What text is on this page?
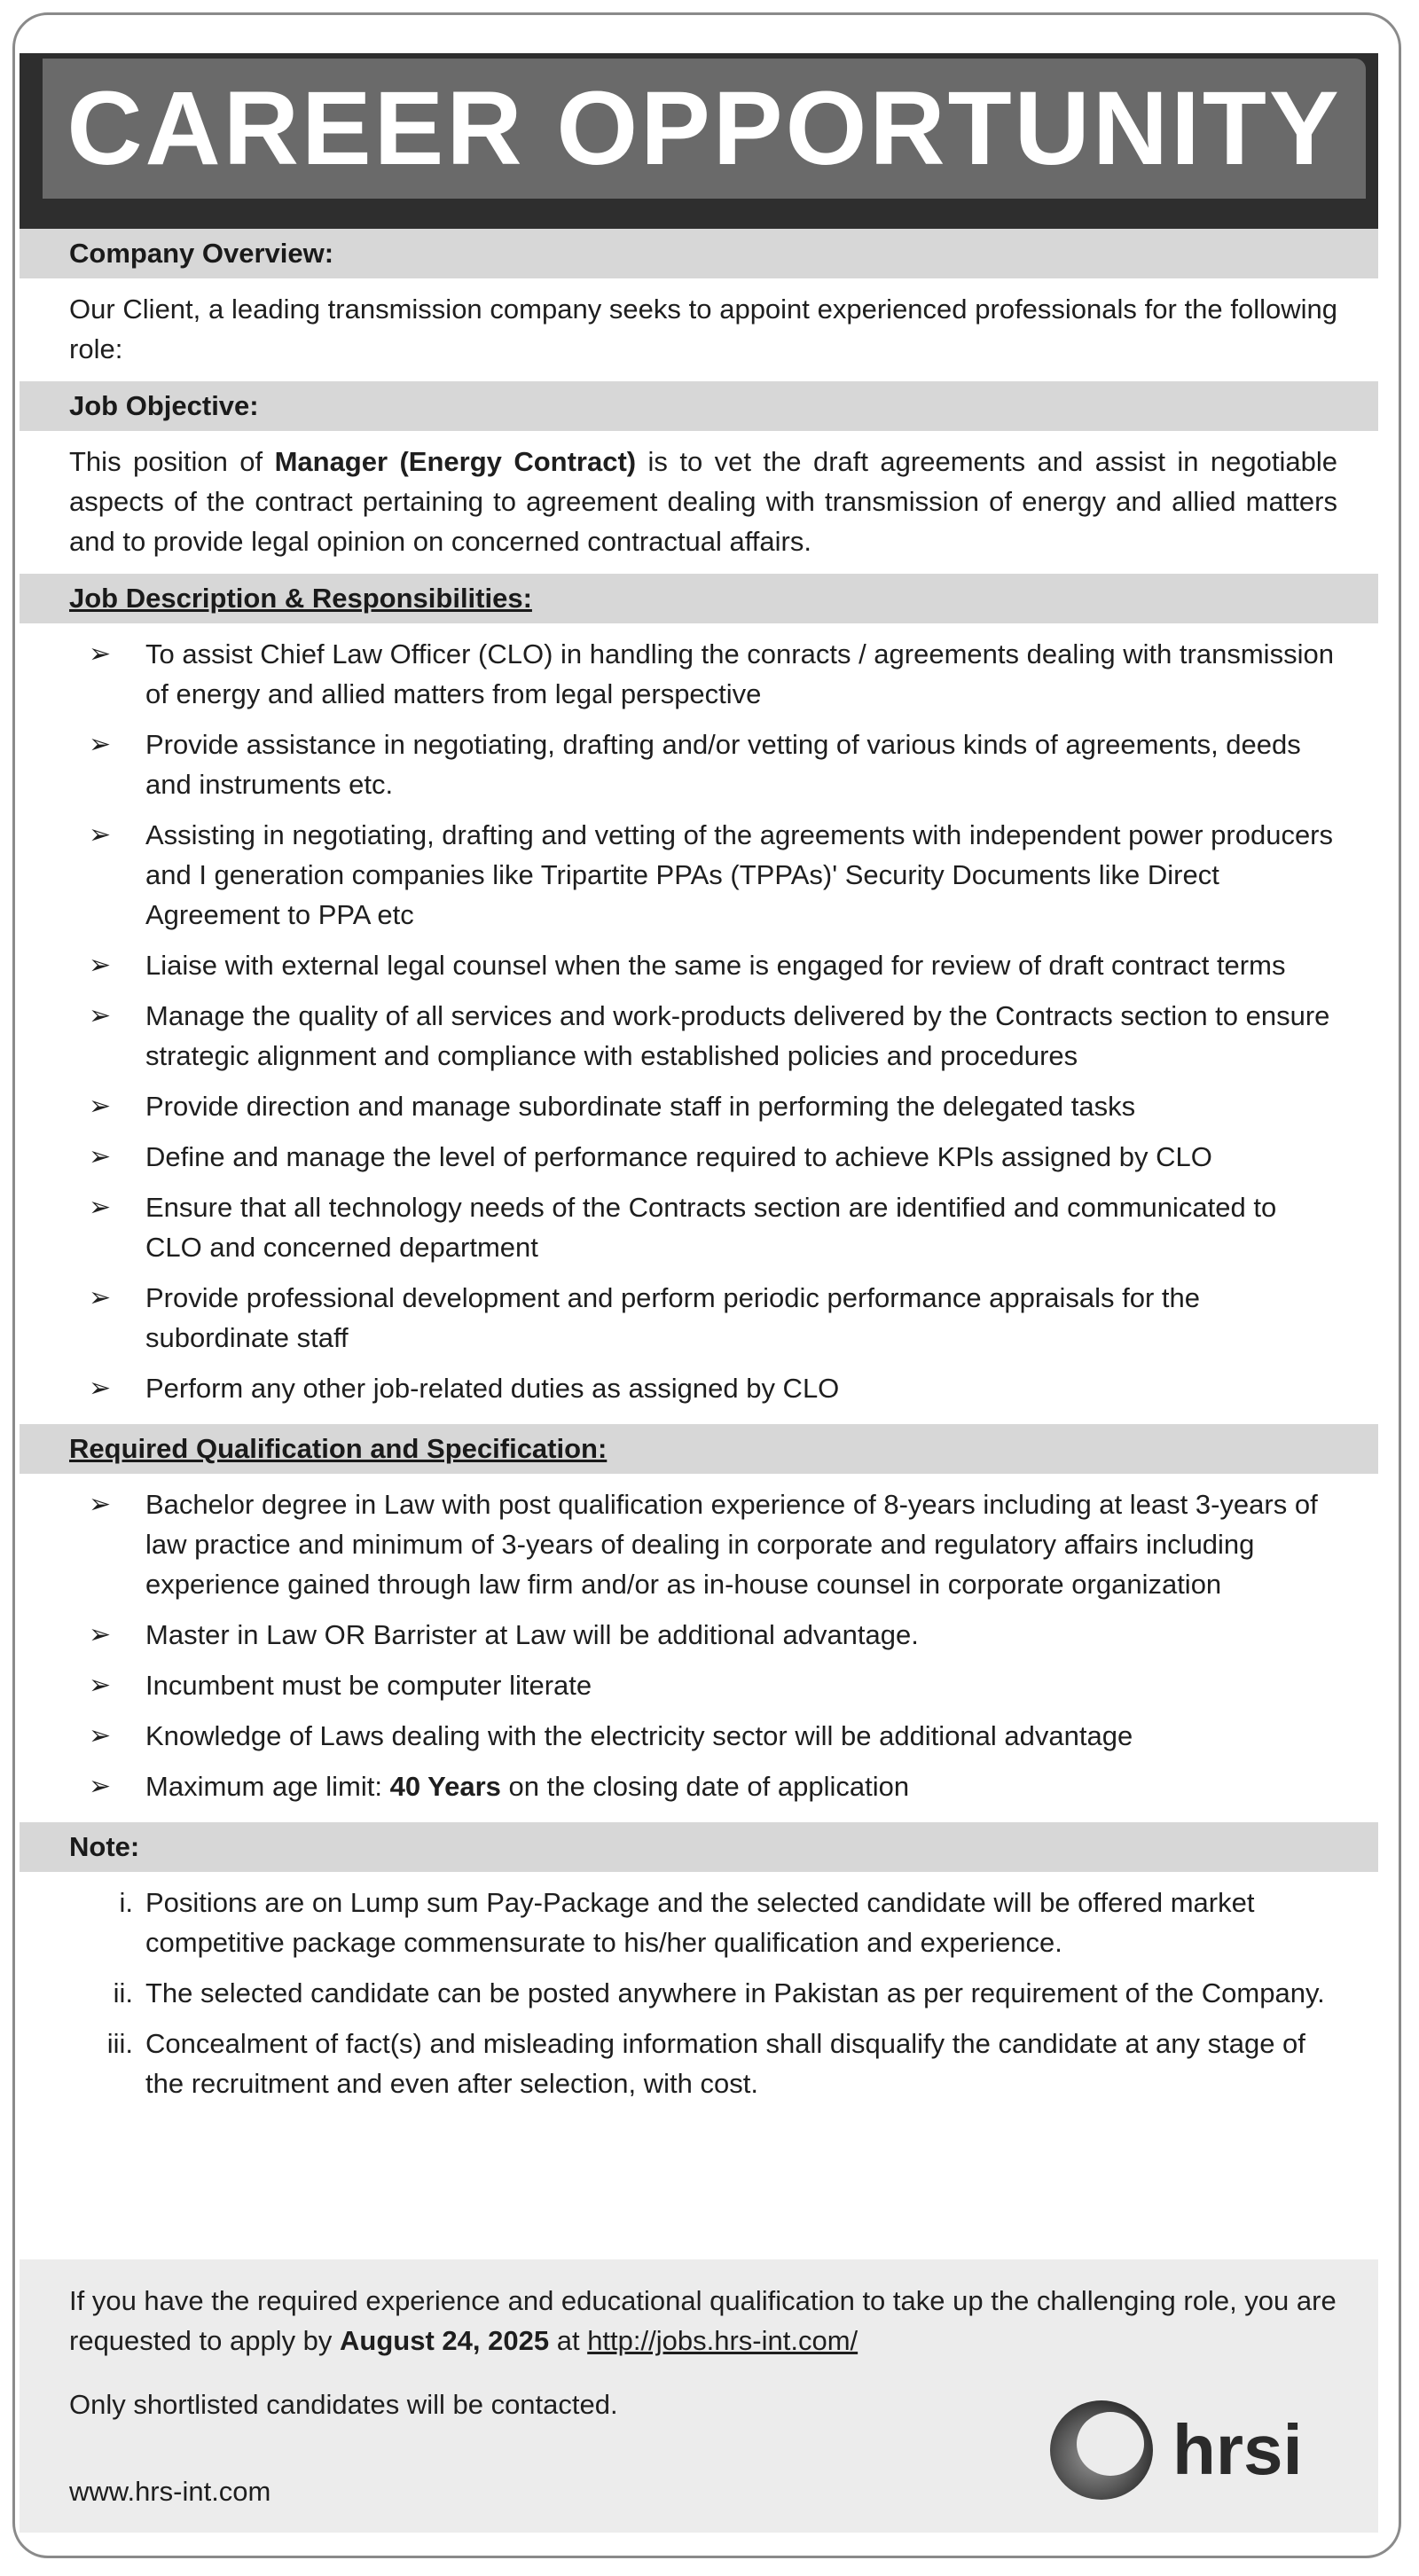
CAREER OPPORTUNITY
Company Overview:
Our Client, a leading transmission company seeks to appoint experienced professionals for the following role:
Job Objective:
This position of Manager (Energy Contract) is to vet the draft agreements and assist in negotiable aspects of the contract pertaining to agreement dealing with transmission of energy and allied matters and to provide legal opinion on concerned contractual affairs.
Job Description & Responsibilities:
➢ To assist Chief Law Officer (CLO) in handling the conracts / agreements dealing with transmission of energy and allied matters from legal perspective
➢ Provide assistance in negotiating, drafting and/or vetting of various kinds of agreements, deeds and instruments etc.
➢ Assisting in negotiating, drafting and vetting of the agreements with independent power producers and I generation companies like Tripartite PPAs (TPPAs)' Security Documents like Direct Agreement to PPA etc
➢ Liaise with external legal counsel when the same is engaged for review of draft contract terms
➢ Manage the quality of all services and work-products delivered by the Contracts section to ensure strategic alignment and compliance with established policies and procedures
➢ Provide direction and manage subordinate staff in performing the delegated tasks
➢ Define and manage the level of performance required to achieve KPls assigned by CLO
➢ Ensure that all technology needs of the Contracts section are identified and communicated to CLO and concerned department
➢ Provide professional development and perform periodic performance appraisals for the subordinate staff
➢ Perform any other job-related duties as assigned by CLO
Required Qualification and Specification:
➢ Bachelor degree in Law with post qualification experience of 8-years including at least 3-years of law practice and minimum of 3-years of dealing in corporate and regulatory affairs including experience gained through law firm and/or as in-house counsel in corporate organization
➢ Master in Law OR Barrister at Law will be additional advantage.
➢ Incumbent must be computer literate
➢ Knowledge of Laws dealing with the electricity sector will be additional advantage
➢ Maximum age limit: 40 Years on the closing date of application
Note:
i. Positions are on Lump sum Pay-Package and the selected candidate will be offered market competitive package commensurate to his/her qualification and experience.
ii. The selected candidate can be posted anywhere in Pakistan as per requirement of the Company.
iii. Concealment of fact(s) and misleading information shall disqualify the candidate at any stage of the recruitment and even after selection, with cost.
If you have the required experience and educational qualification to take up the challenging role, you are requested to apply by August 24, 2025 at http://jobs.hrs-int.com/
Only shortlisted candidates will be contacted.
www.hrs-int.com
hrsi
